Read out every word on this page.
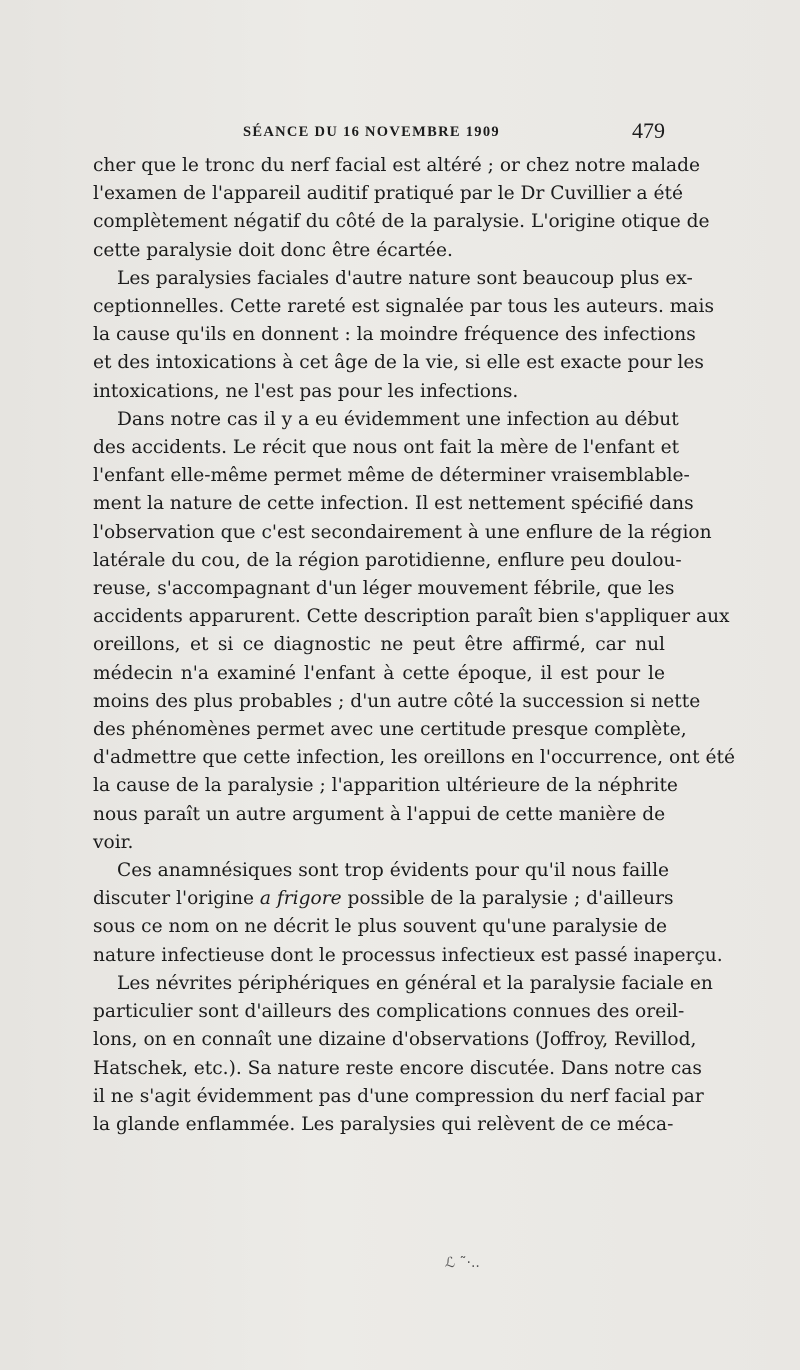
SÉANCE DU 16 NOVEMBRE 1909	479
cher que le tronc du nerf facial est altéré ; or chez notre malade
l'examen de l'appareil auditif pratiqué par le Dr Cuvillier a été
complètement négatif du côté de la paralysie. L'origine otique de
cette paralysie doit donc être écartée.
Les paralysies faciales d'autre nature sont beaucoup plus ex-
ceptionnelles. Cette rareté est signalée par tous les auteurs. mais
la cause qu'ils en donnent : la moindre fréquence des infections
et des intoxications à cet âge de la vie, si elle est exacte pour les
intoxications, ne l'est pas pour les infections.
Dans notre cas il y a eu évidemment une infection au début
des accidents. Le récit que nous ont fait la mère de l'enfant et
l'enfant elle-même permet même de déterminer vraisemblable-
ment la nature de cette infection. Il est nettement spécifié dans
l'observation que c'est secondairement à une enflure de la région
latérale du cou, de la région parotidienne, enflure peu doulou-
reuse, s'accompagnant d'un léger mouvement fébrile, que les
accidents apparurent. Cette description paraît bien s'appliquer aux
oreillons, et si ce diagnostic ne peut être affirmé, car nul
médecin n'a examiné l'enfant à cette époque, il est pour le
moins des plus probables ; d'un autre côté la succession si nette
des phénomènes permet avec une certitude presque complète,
d'admettre que cette infection, les oreillons en l'occurrence, ont été
la cause de la paralysie ; l'apparition ultérieure de la néphrite
nous paraît un autre argument à l'appui de cette manière de
voir.
Ces anamnésiques sont trop évidents pour qu'il nous faille
discuter l'origine a frigore possible de la paralysie ; d'ailleurs
sous ce nom on ne décrit le plus souvent qu'une paralysie de
nature infectieuse dont le processus infectieux est passé inaperçu.
Les névrites périphériques en général et la paralysie faciale en
particulier sont d'ailleurs des complications connues des oreil-
lons, on en connaît une dizaine d'observations (Joffroy, Revillod,
Hatschek, etc.). Sa nature reste encore discutée. Dans notre cas
il ne s'agit évidemment pas d'une compression du nerf facial par
la glande enflammée. Les paralysies qui relèvent de ce méca-
ℒ ˜·..
